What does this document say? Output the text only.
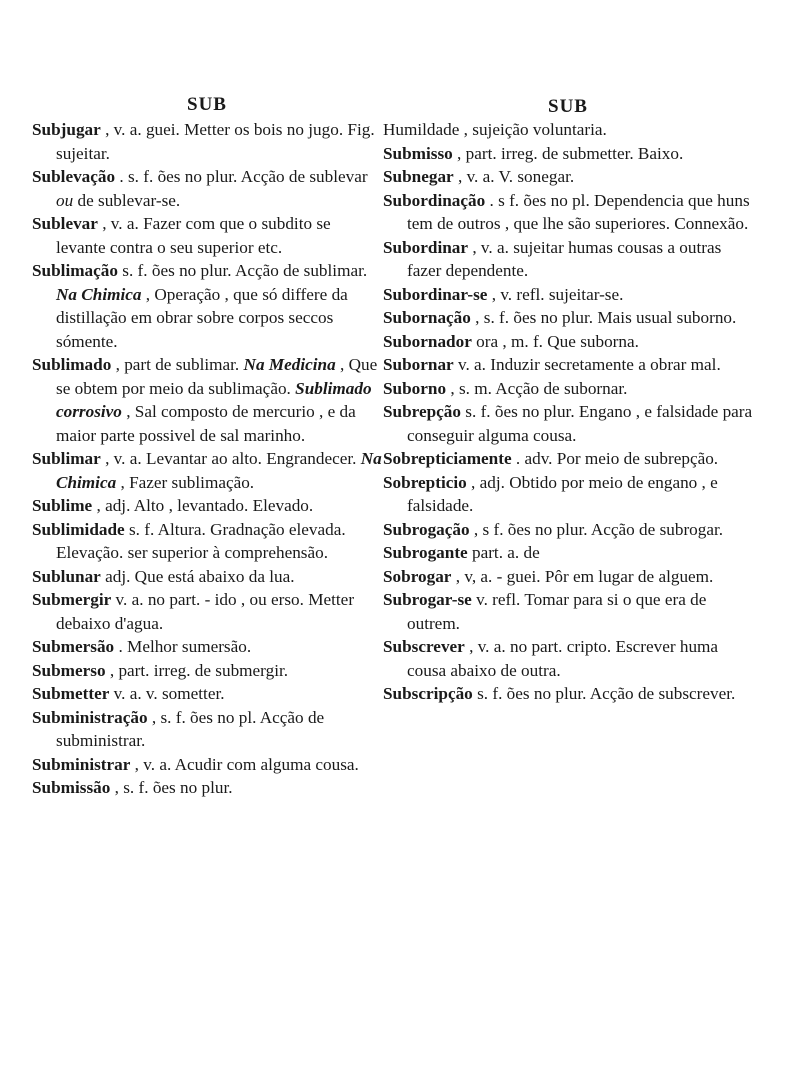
SUB

Subjugar , v. a. guei. Metter os bois no jugo. Fig. sujeitar.

Sublevação . s. f. ões no plur. Acção de sublevar ou de sublevar-se.

Sublevar , v. a. Fazer com que o subdito se levante contra o seu superior etc.

Sublimação s. f. ões no plur. Acção de sublimar. Na Chimica , Operação , que só differe da distillação em obrar sobre corpos seccos sómente.

Sublimado , part de sublimar. Na Medicina , Que se obtem por meio da sublimação. Sublimado corrosivo , Sal composto de mercurio , e da maior parte possivel de sal marinho.

Sublimar , v. a. Levantar ao alto. Engrandecer. Na Chimica , Fazer sublimação.

Sublime , adj. Alto , levantado. Elevado.

Sublimidade s. f. Altura. Gradnação elevada. Elevação. ser superior à comprehensão.

Sublunar adj. Que está abaixo da lua.

Submergir v. a. no part. - ido , ou erso. Metter debaixo d'agua.

Submersão . Melhor sumersão.

Submerso , part. irreg. de submergir.

Submetter v. a. v. sometter.

Subministração , s. f. ões no pl. Acção de subministrar.

Subministrar , v. a. Acudir com alguma cousa.

Submissão , s. f. ões no plur.

SUB

Humildade , sujeição voluntaria.

Submisso , part. irreg. de submetter. Baixo.

Subnegar , v. a. V. sonegar.

Subordinação . s f. ões no pl. Dependencia que huns tem de outros , que lhe são superiores. Connexão.

Subordinar , v. a. sujeitar humas cousas a outras fazer dependente.

Subordinar-se , v. refl. sujeitar-se.

Subornação , s. f. ões no plur. Mais usual suborno.

Subornador ora , m. f. Que suborna.

Subornar v. a. Induzir secretamente a obrar mal.

Suborno , s. m. Acção de subornar.

Subrepção s. f. ões no plur. Engano , e falsidade para conseguir alguma cousa.

Sobrepticiamente . adv. Por meio de subrepção.

Sobrepticio , adj. Obtido por meio de engano , e falsidade.

Subrogação , s f. ões no plur. Acção de subrogar.

Subrogante part. a. de

Sobrogar , v, a. - guei. Pôr em lugar de alguem.

Subrogar-se v. refl. Tomar para si o que era de outrem.

Subscrever , v. a. no part. cripto. Escrever huma cousa abaixo de outra.

Subscripção s. f. ões no plur. Acção de subscrever.
